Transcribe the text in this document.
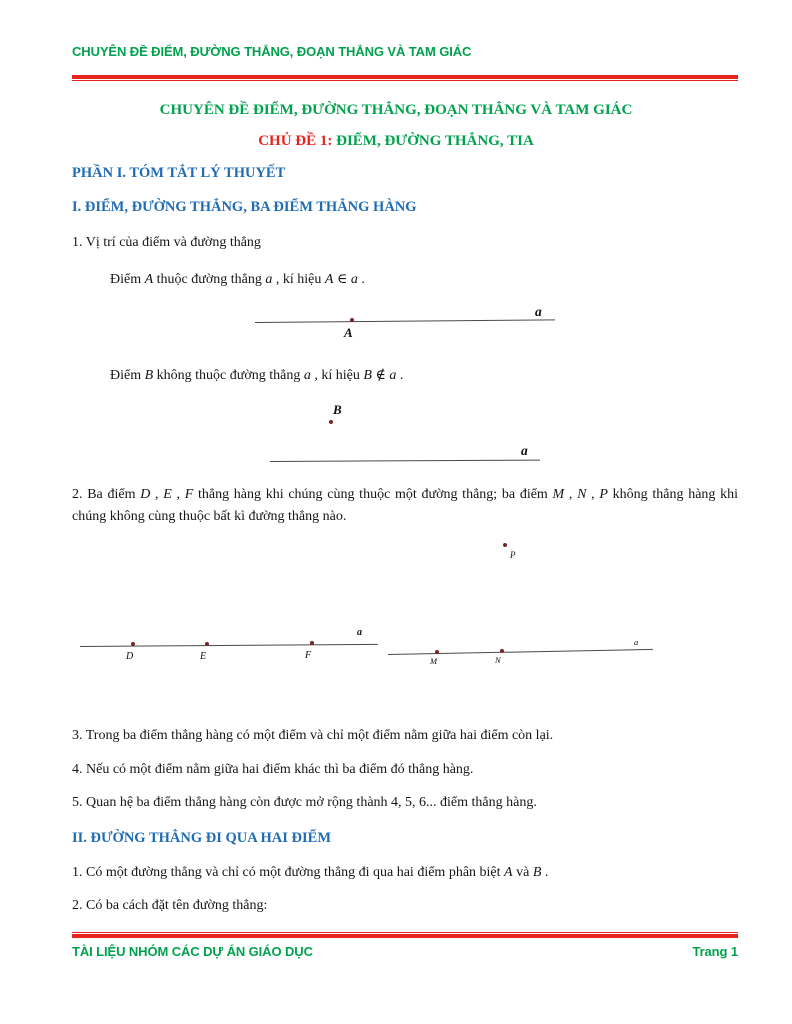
CHUYÊN ĐỀ ĐIỂM, ĐƯỜNG THẲNG, ĐOẠN THẲNG VÀ TAM GIÁC
CHUYÊN ĐỀ ĐIỂM, ĐƯỜNG THẲNG, ĐOẠN THẲNG VÀ TAM GIÁC
CHỦ ĐỀ 1: ĐIỂM, ĐƯỜNG THẲNG, TIA
PHẦN I. TÓM TẮT LÝ THUYẾT
I. ĐIỂM, ĐƯỜNG THẲNG, BA ĐIỂM THẲNG HÀNG
1. Vị trí của điểm và đường thẳng
Điểm A thuộc đường thẳng a , kí hiệu A ∈ a .
A
a
Điểm B không thuộc đường thẳng a , kí hiệu B ∉ a .
B
a
2. Ba điểm D , E , F thẳng hàng khi chúng cùng thuộc một đường thẳng; ba điểm M , N , P không thẳng hàng khi chúng không cùng thuộc bất kì đường thẳng nào.
P
D	E	F
a
M	N
a
3. Trong ba điểm thẳng hàng có một điểm và chỉ một điểm nằm giữa hai điểm còn lại.
4. Nếu có một điểm nằm giữa hai điểm khác thì ba điểm đó thẳng hàng.
5. Quan hệ ba điểm thẳng hàng còn được mở rộng thành 4, 5, 6... điểm thẳng hàng.
II. ĐƯỜNG THẲNG ĐI QUA HAI ĐIỂM
1. Có một đường thẳng và chỉ có một đường thẳng đi qua hai điểm phân biệt A và B .
2. Có ba cách đặt tên đường thẳng:
TÀI LIỆU NHÓM CÁC DỰ ÁN GIÁO DỤC	Trang 1
